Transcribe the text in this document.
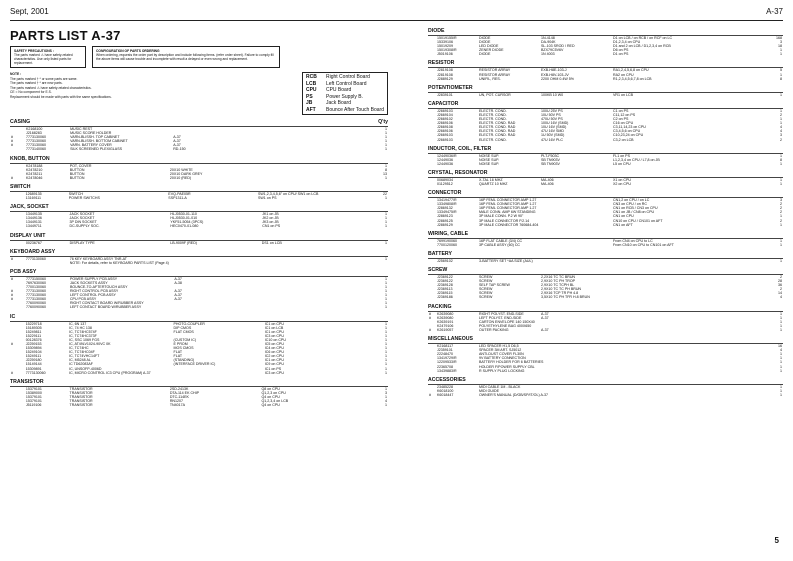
Sept, 2001	A-37
PARTS LIST A-37
SAFETY PRECAUTIONS :
The parts marked ⚠ have safety-related characteristics. Use only listed parts for replacement.
CONFIGURATION OF PARTS ORDERING
When ordering, requests the order part by description and include following items. (refer order sheet). Failure to comply fill the above items will cause trouble and incomplete with result a delayed or even wrong and replacement.
NOTE :
The parts marked † * or some parts are same.
The parts marked † * are new parts.
The parts marked ⚠ have safety-related characteristics.
CE = No component for E.S.
Replacement should be made with parts with the same specifications.
RCB Right Control Board
LCB Left Control Board
CPU CPU Board
PS	Power Supply B.
JB	Jack Board
AFT Bounce After Touch Board
CASING	Q'ty
	K2168100	MUSIC REST			1
	J2168283	MUSIC SCORE HOLDER			1
#	7773130060	VARN-BLISSH. TOP CABINET	A-37		1
#	7773130060	VARN-BLISSH. BOTTOM CABINET	A-37		1
#	7773130060	VARN. BATTERY COVER	A-37		1
	7773140060	SILK SCREENED PLEXIGLASS	RD-150		1
KNOB, BUTTON
	K2478188	POT, COVER			1
	K2478210	BUTTON	20X10 WHITE		8
	K2478211	BUTTON	20X10 DARK GREY		13
#	K2478046	BUTTON	20X10 (RED)		1
SWITCH
	12689135	SWITCH	EVQ-PAE05R	SW1,2,3,4,5,6" on CPU/ SW1 on LCB	22
	13169111	POWER SWITCHS	SSP1311-A	SW1 on PS	1
JACK, SOCKET
	13449135	JACK SOCKET	HLJ0530-01-110	JK1 on JB	1
	13449136	JACK SOCKET	HLJ0530-01-010	JK2 on JB	1
	13449131	3P DIN SOCKET	YKF51-5054 (3PCS)	JK3 on JB	1
	13449711	DC-SUPPLY SOC.	HEC0470-01-080	CN1 on PS	1
DISPLAY UNIT
	00236767	DISPLAY TYPE	LB-9009F (RED)	DS1 on LCB	1
KEYBOARD ASSY
#	7773130060	76 KEY KEYBOARD ASSY TNR-AT			1
		NOTE: For details, refer to KEYBOARD PARTS LIST (Page 4)			
PCB ASSY
#	7773150060	POWER SUPPLY PCB ASSY	A-37		1
	7697630060	JACK SOCKETS ASSY	A-38		1
	7700130060	BOUNCE-TO-AFTERTOUCH ASSY			1
#	7773130060	RIGHT CONTROL PCB ASSY	A-37		1
#	7773130060	LEFT CONTROL PCB ASSY	A-37		1
#	7773130060	CPU PCB ASSY	A-37		1
	7760090060	RIGHT CONTACT BOARD W/RUBBER ASSY			1
	7760090060	LEFT CONTACT BOARD W/RUBBER ASSY			1
IC
	15229718	IC, 6N 137	PHOTO-COUPLER	IC1 on CPU	1
	15189305	IC, 74 HC 138	DIP CMOS	IC1 on LCB	1
	15249811	IC, TC74HC574F	FLAT CMOS	IC1 on CPU	1
	15229111	IC, TC74HC373F		IC3 on CPU	1
	00128376	IC, SSC 1069 FGS	(CUSTOM IC)	IC10 on CPU	1
#	J2259153	IC, AT49LV1024-90VC 0K	E PROM	IC5 on CPU	1
	15309894	IC, TC74HC	MOS CMOS	IC4 on CPU	1
	15249104	IC, TC74HC04F	FLAT	IC6 on CPU	1
	15249111	IC, TC74VHC14FT	FLAT	IC2 on CPU	1
	J2259180	IC, M5248 AL	(STANDING)	IC1 on CPU	1
	15149144	IC TD62083AF	(INTERFACE DRIVER IC)	IC9 on CPU	1
	15309891	IC, UNSOFP-4006D		IC1 on PS	1
#	7773130060	IC, MICRO CONTROL IC3 CPU (PROGRAM) A-37		IC3 on CPU	1
TRANSISTOR
	15379101	TRANSISTOR	2SD-2413K	Q8 on CPU	1
	15389000	TRANSISTOR	DTA-114 EK CHIP	Q1,2,3 on CPU	3
	15379101	TRANSISTOR	DTC-114EK	Q4 on CPU	1
	15379101	TRANSISTOR	RN1207	Q1,2,3,4 on LCB	4
	J5119106	TRANSISTOR	TN4017A	Q4 on CPU	1
DIODE
	15019155/R	DIODE	1N-4148	D1 on LCB / on RCB / on RCF on LC	168
	15339106	DIODE	DA-904K	D1,2,3,4 on CPU	3
	15019209	LED DIODE	SL-103 SROD / RED	D1 and 2 on LCB / D1,2,3,4 on RCB	18
	15019308/R	ZENER DIODE	BZX79C5V6V	D6 on PS	1
	J5019106	DIODE	1N 4003	D1 on PS	1
RESISTOR
	J2819108	RESISTOR ARRAY	EXB-H8E-103-J	RA1,2,4,5,6,8 on CPU	5
	J2819108	RESISTOR ARRAY	EXB-H8V-103-JV	RA2 on CPU	1
	J2889129	UNIFIL, RES.	2200 OHM 0.4W 5%	R1,2,3,4,5,6,7,8 on LCB	8
POTENTIOMETER
	J2839101	UN, POT. CURSOR	100KB 10 W0	VR1 on LCB	1
CAPACITOR
	J2669103	ELECTR. COND.	100U 25V PS	C1 on PS	1
	J2669104	ELECTR. COND.	10U 50V PS	C11,12 on PS	2
	J2669102	ELECTR. COND.	470U 50V PS	C2 on PS	1
	J2669106	ELECTR. COND. RAD	100U 16V (SMD)	C16 on CPU	1
	J2669108	ELECTR. COND. RAD	10U 16V (SMD)	C3,11,14,23 on CPU	4
	J2669106	ELECTR. COND. RAD	47U 16V SMD	C3,4,5,6 on CPU	4
	J2669103	ELECTR. COND. RAD	1U 50V (SMD)	C10,23,24 on CPU	3
	J2669103	ELECTR. COND.	47U 16V PLC	C3,2 on LCB	2
INDUCTOR, COIL, FILTER
	12449036/R	NOISE SUP.	PLT-F503C	FL1 on PS	1
	12449036	NOISE SUP.	SB TN903V	L1,2,3,4 on CPU / L7,8 on JB	8
	12449036	NOISE SUP.	SB TN903V	L5 on CPU	1
CRYSTAL, RESONATOR
	00689034	X-TAL 16 MHZ	MA-406	X1 on CPU	1
	01129512	QUARTZ 10 MHZ	MA-406	X2 on CPU	1
CONNECTOR
	13419477/R	16P FEML CONNECTOR AMP 1.27		CN1,2 on CPU / on LC	3
	13349808/R	16P FEML CONNECTOR AMP 1.27		CN3 on CPU / on RC	2
	J2869132	16P FEML CONNECTOR AMP 1.27		CN1 on RCB / CN3 on CPU	2
	13349475/R	MALE CONN. AMP 6W STANDING		CN1 on JB / CN8 on CPU	2
	J2869123	3P MALE CONN. P.2 W 90"		CN1 on CPU	1
	J2869125	3P MALE CONNECTOR P.2.14		CN10 on CPU / CN101 on AFT	2
	J2869129	3P MALE CONNECTOR 760684-404		CN1 on AFT	1
WIRING, CABLE
	7699190060	16P FLAT CABLE (3/4) CC		From CN4 on CPU to LC	1
	7700120060	3P CABLE ASSY (60) CC		From CN10 on CPU to CN101 on AFT	1
BATTERY
	J2569102	3-BATTERY SET *AA SIZE (AUL)			1
SCREW
	J2369122	SCREW	2,2X16 TC TC BRUN		2
	J2369122	SCREW	2,9X10 TC PH TROP		28
	J2369128	SELF TAP SCREW	2,9X10 TC TCPH BL		36
	J2369113	SCREW	2,9X10 TC TC PH BRUN		2
	J2369115	SCREW	2,9X16 TCP TR PH 4.8		14
	J2369186	SCREW	3,5X10 TC PH TFR H.8 BRUN		4
PACKING
#	K2639080	RIGHT POLYST. END-SIDE	A-37		1
#	K2639080	LEFT POLYST. END-SIDE	A-37		1
	K2639191	CARTON ENVELOPE 140 150X40			1
	K2479106	POLYETHYLENE BAG 400X650			1
#	K2619057	OUTER PACKING	A-37		1
MISCELLANEOUS
	K2168117	LED SPACER H1,5 D6,5			16
	J2359101	SPACER 3M ART. SJ5012			4
	22248470	ANTI-DUST COVER FL30N			1
	13419729/R	9V BATTERY CONNECTION			1
	12209533/R	BATTERY HOLDER FOR 6 BATTERIES			1
	22365708	HOLDER F/POWER SUPPLY CBL			1
	13439883/R	R SUPPLY PLUG LOCKING			1
ACCESSORIES
	23485228	MIDI CABLE 1M - BLACK			1
	K6018100	MIDI GUIDE			1
#	K6018447	OWNER'S MANUAL (D/GB/SP/IT/OL) A-37			1
5
